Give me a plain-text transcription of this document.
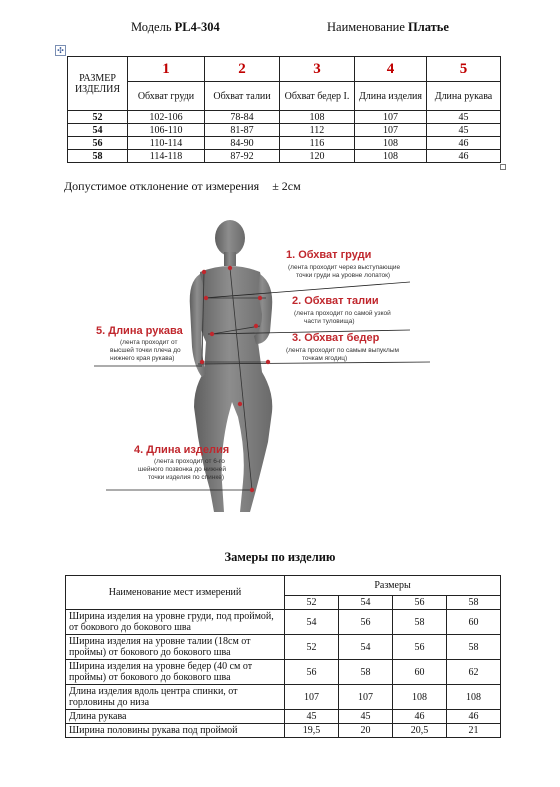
Модель PL4-304	Наименование Платье
✣
РАЗМЕР ИЗДЕЛИЯ	1	2	3	4	5
	Обхват груди	Обхват талии	Обхват бедер I.	Длина изделия	Длина рукава
52	102-106	78-84	108	107	45
54	106-110	81-87	112	107	45
56	110-114	84-90	116	108	46
58	114-118	87-92	120	108	46
Допустимое отклонение от измерения ± 2см
1. Обхват груди
(лента проходит через выступающие
точки груди на уровне лопаток)
2. Обхват талии
(лента проходит по самой узкой
части туловища)
3. Обхват бедер
(лента проходит по самым выпуклым
точкам ягодиц)
5. Длина рукава
(лента проходит от
высшей точки плеча до
нижнего края рукава)
4. Длина изделия
(лента проходит от 6-го
шейного позвонка до нижней
точки изделия по спинке)
Замеры по изделию
Наименование мест измерений	Размеры			
	52	54	56	58
Ширина изделия на уровне груди, под проймой, от бокового до бокового шва	54	56	58	60
Ширина изделия на уровне талии (18см от проймы) от бокового до бокового шва	52	54	56	58
Ширина изделия на уровне бедер (40 см от проймы) от бокового до бокового шва	56	58	60	62
Длина изделия вдоль центра спинки, от горловины до низа	107	107	108	108
Длина рукава	45	45	46	46
Ширина половины рукава под проймой	19,5	20	20,5	21
